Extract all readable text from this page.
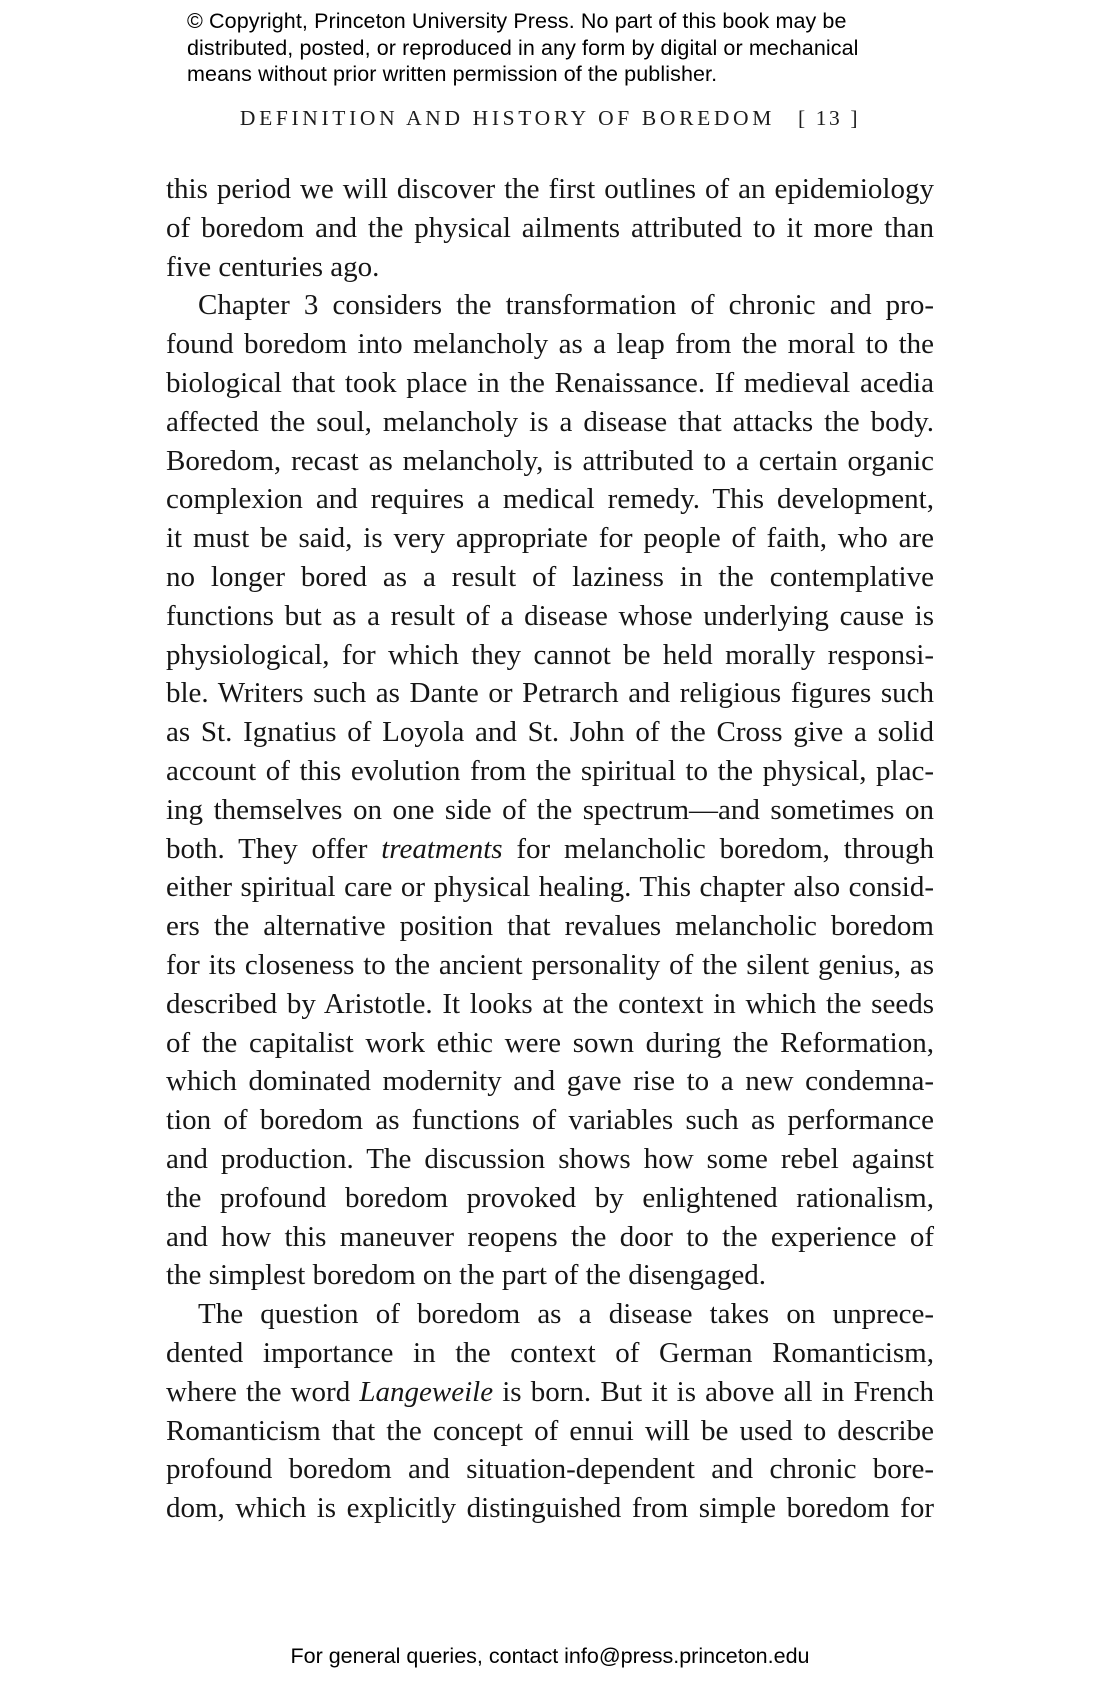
© Copyright, Princeton University Press. No part of this book may be
distributed, posted, or reproduced in any form by digital or mechanical
means without prior written permission of the publisher.
DEFINITION AND HISTORY OF BOREDOM [ 13 ]
this period we will discover the first outlines of an epidemiology
of boredom and the physical ailments attributed to it more than
five centuries ago.
Chapter 3 considers the transformation of chronic and pro-
found boredom into melancholy as a leap from the moral to the
biological that took place in the Renaissance. If medieval acedia
affected the soul, melancholy is a disease that attacks the body.
Boredom, recast as melancholy, is attributed to a certain organic
complexion and requires a medical remedy. This development,
it must be said, is very appropriate for people of faith, who are
no longer bored as a result of laziness in the contemplative
functions but as a result of a disease whose underlying cause is
physiological, for which they cannot be held morally responsi-
ble. Writers such as Dante or Petrarch and religious figures such
as St. Ignatius of Loyola and St. John of the Cross give a solid
account of this evolution from the spiritual to the physical, plac-
ing themselves on one side of the spectrum—and sometimes on
both. They offer treatments for melancholic boredom, through
either spiritual care or physical healing. This chapter also consid-
ers the alternative position that revalues melancholic boredom
for its closeness to the ancient personality of the silent genius, as
described by Aristotle. It looks at the context in which the seeds
of the capitalist work ethic were sown during the Reformation,
which dominated modernity and gave rise to a new condemna-
tion of boredom as functions of variables such as performance
and production. The discussion shows how some rebel against
the profound boredom provoked by enlightened rationalism,
and how this maneuver reopens the door to the experience of
the simplest boredom on the part of the disengaged.
The question of boredom as a disease takes on unprece-
dented importance in the context of German Romanticism,
where the word Langeweile is born. But it is above all in French
Romanticism that the concept of ennui will be used to describe
profound boredom and situation-dependent and chronic bore-
dom, which is explicitly distinguished from simple boredom for
For general queries, contact info@press.princeton.edu
